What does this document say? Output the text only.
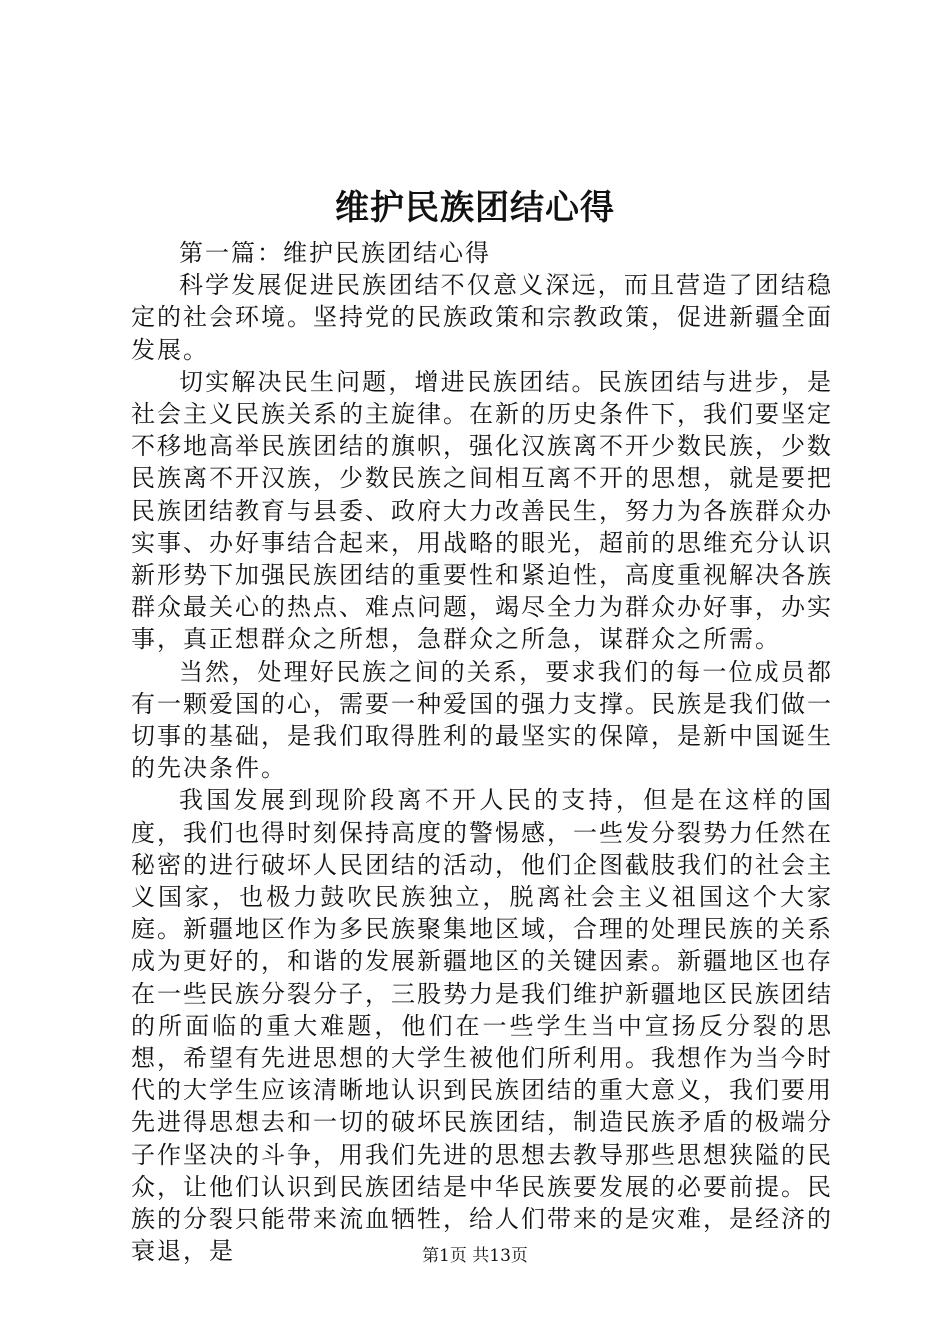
维护民族团结心得

第一篇：维护民族团结心得

科学发展促进民族团结不仅意义深远，而且营造了团结稳定的社会环境。坚持党的民族政策和宗教政策，促进新疆全面发展。

切实解决民生问题，增进民族团结。民族团结与进步，是社会主义民族关系的主旋律。在新的历史条件下，我们要坚定不移地高举民族团结的旗帜，强化汉族离不开少数民族，少数民族离不开汉族，少数民族之间相互离不开的思想，就是要把民族团结教育与县委、政府大力改善民生，努力为各族群众办实事、办好事结合起来，用战略的眼光，超前的思维充分认识新形势下加强民族团结的重要性和紧迫性，高度重视解决各族群众最关心的热点、难点问题，竭尽全力为群众办好事，办实事，真正想群众之所想，急群众之所急，谋群众之所需。

当然，处理好民族之间的关系，要求我们的每一位成员都有一颗爱国的心，需要一种爱国的强力支撑。民族是我们做一切事的基础，是我们取得胜利的最坚实的保障，是新中国诞生的先决条件。

我国发展到现阶段离不开人民的支持，但是在这样的国度，我们也得时刻保持高度的警惕感，一些发分裂势力任然在秘密的进行破坏人民团结的活动，他们企图截肢我们的社会主义国家，也极力鼓吹民族独立，脱离社会主义祖国这个大家庭。新疆地区作为多民族聚集地区域，合理的处理民族的关系成为更好的，和谐的发展新疆地区的关键因素。新疆地区也存在一些民族分裂分子，三股势力是我们维护新疆地区民族团结的所面临的重大难题，他们在一些学生当中宣扬反分裂的思想，希望有先进思想的大学生被他们所利用。我想作为当今时代的大学生应该清晰地认识到民族团结的重大意义，我们要用先进得思想去和一切的破坏民族团结，制造民族矛盾的极端分子作坚决的斗争，用我们先进的思想去教导那些思想狭隘的民众，让他们认识到民族团结是中华民族要发展的必要前提。民族的分裂只能带来流血牺牲，给人们带来的是灾难，是经济的衰退，是	第1页 共13页
